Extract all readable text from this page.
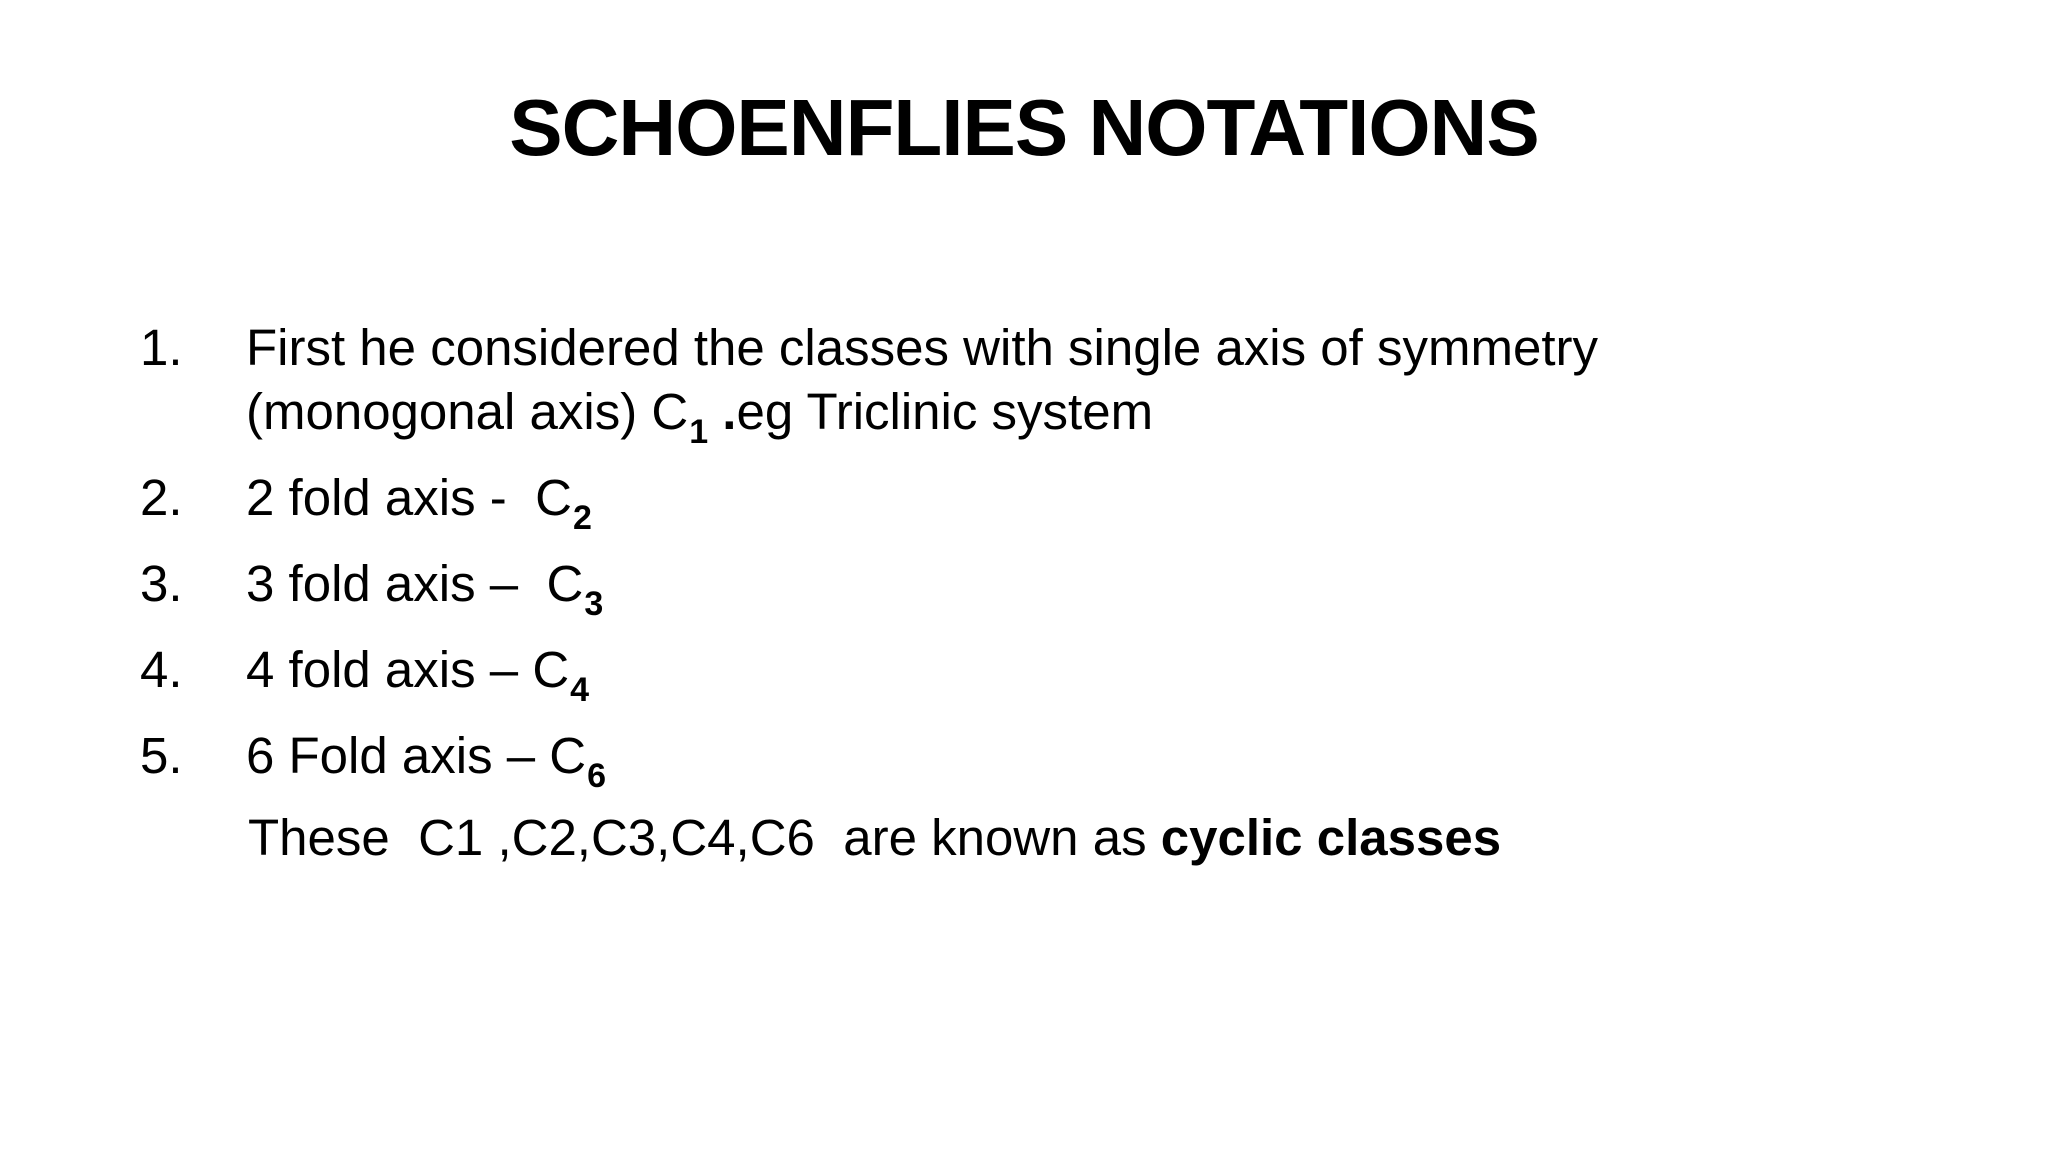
SCHOENFLIES NOTATIONS
1. First he considered the classes with single axis of symmetry
(monogonal axis) $C_1$ .eg Triclinic system
2. 2 fold axis -  $C_2$
3. 3 fold axis –  $C_3$
4. 4 fold axis – $C_4$
5. 6 Fold axis – $C_6$
These  C1 ,C2,C3,C4,C6  are known as cyclic classes
